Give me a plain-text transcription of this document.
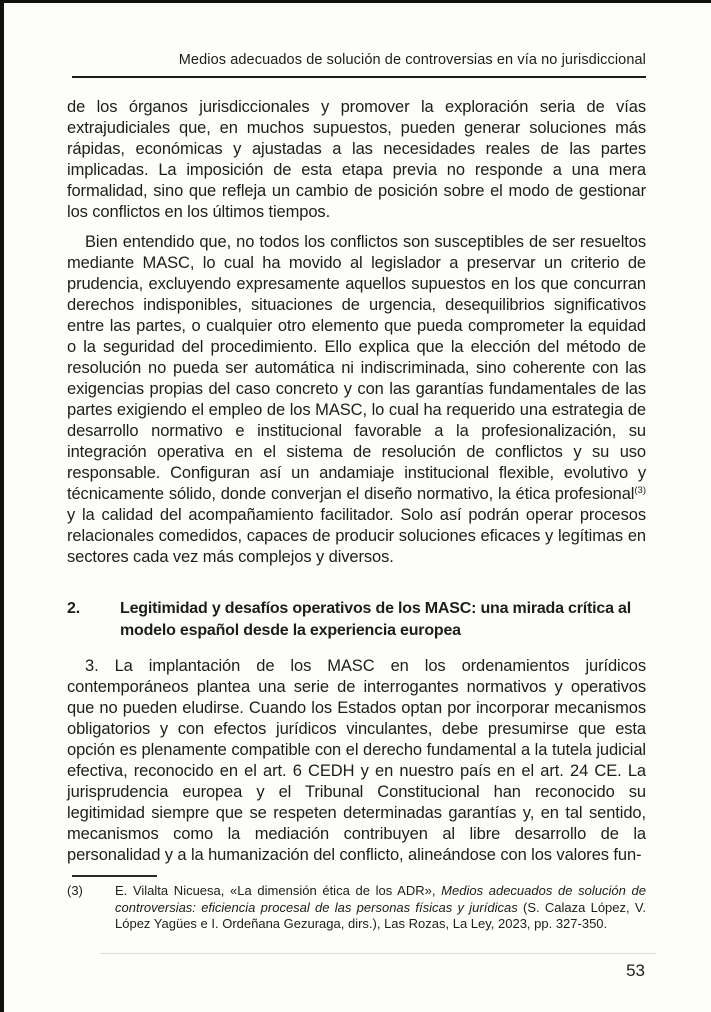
Medios adecuados de solución de controversias en vía no jurisdiccional

de los órganos jurisdiccionales y promover la exploración seria de vías extrajudiciales que, en muchos supuestos, pueden generar soluciones más rápidas, económicas y ajustadas a las necesidades reales de las partes implicadas. La imposición de esta etapa previa no responde a una mera formalidad, sino que refleja un cambio de posición sobre el modo de gestionar los conflictos en los últimos tiempos.

Bien entendido que, no todos los conflictos son susceptibles de ser resueltos mediante MASC, lo cual ha movido al legislador a preservar un criterio de prudencia, excluyendo expresamente aquellos supuestos en los que concurran derechos indisponibles, situaciones de urgencia, desequilibrios significativos entre las partes, o cualquier otro elemento que pueda comprometer la equidad o la seguridad del procedimiento. Ello explica que la elección del método de resolución no pueda ser automática ni indiscriminada, sino coherente con las exigencias propias del caso concreto y con las garantías fundamentales de las partes exigiendo el empleo de los MASC, lo cual ha requerido una estrategia de desarrollo normativo e institucional favorable a la profesionalización, su integración operativa en el sistema de resolución de conflictos y su uso responsable. Configuran así un andamiaje institucional flexible, evolutivo y técnicamente sólido, donde converjan el diseño normativo, la ética profesional$^{(3)}$ y la calidad del acompañamiento facilitador. Solo así podrán operar procesos relacionales comedidos, capaces de producir soluciones eficaces y legítimas en sectores cada vez más complejos y diversos.

2.	Legitimidad y desafíos operativos de los MASC: una mirada crítica al modelo español desde la experiencia europea

3. La implantación de los MASC en los ordenamientos jurídicos contemporáneos plantea una serie de interrogantes normativos y operativos que no pueden eludirse. Cuando los Estados optan por incorporar mecanismos obligatorios y con efectos jurídicos vinculantes, debe presumirse que esta opción es plenamente compatible con el derecho fundamental a la tutela judicial efectiva, reconocido en el art. 6 CEDH y en nuestro país en el art. 24 CE. La jurisprudencia europea y el Tribunal Constitucional han reconocido su legitimidad siempre que se respeten determinadas garantías y, en tal sentido, mecanismos como la mediación contribuyen al libre desarrollo de la personalidad y a la humanización del conflicto, alineándose con los valores fun-

(3)	E. Vilalta Nicuesa, «La dimensión ética de los ADR», Medios adecuados de solución de controversias: eficiencia procesal de las personas físicas y jurídicas (S. Calaza López, V. López Yagües e I. Ordeñana Gezuraga, dirs.), Las Rozas, La Ley, 2023, pp. 327-350.
53
